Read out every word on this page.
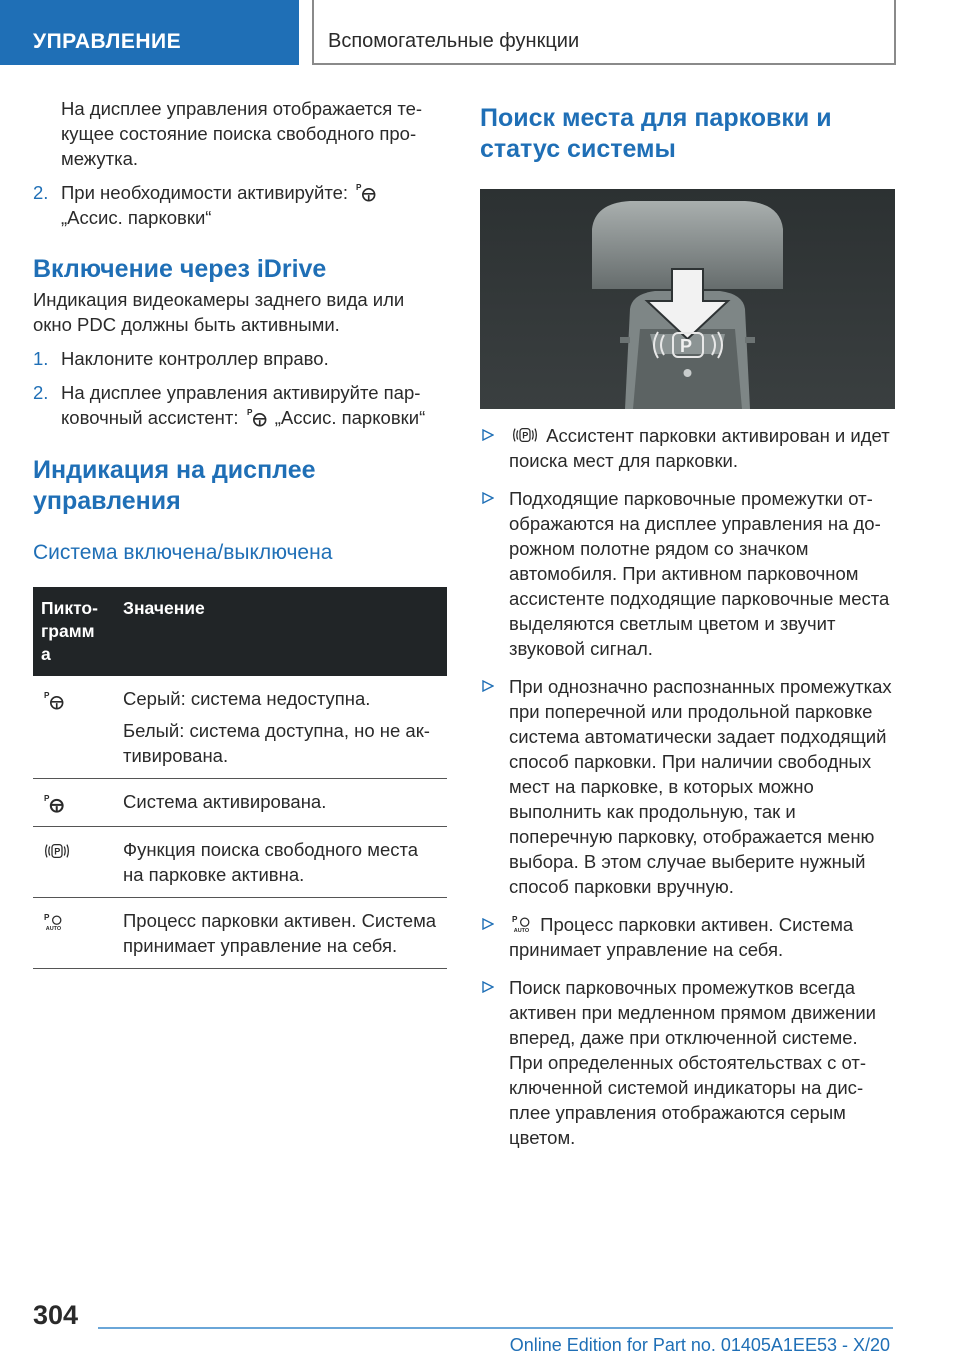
УПРАВЛЕНИЕ	Вспомогательные функции

На дисплее управления отображается текущее состояние поиска свободного промежутка.

2. При необходимости активируйте:
„Ассис. парковки“
Включение через iDrive

Индикация видеокамеры заднего вида или окно PDC должны быть активными.

1. Наклоните контроллер вправо.
2. На дисплее управления активируйте парковочный ассистент: „Ассис. парковки“
Индикация на дисплее управления
Система включена/выключена
Пиктограмм а	Значение

Серый: система недоступна.
Белый: система доступна, но не активирована.

	Система активирована.
	Функция поиска свободного места на парковке активна.
	Процесс парковки активен. Система принимает управление на себя.
Поиск места для парковки и статус системы
P
Ассистент парковки активирован и идет поиска мест для парковки.
Подходящие парковочные промежутки отображаются на дисплее управления на дорожном полотне рядом со значком автомобиля. При активном парковочном ассистенте подходящие парковочные места выделяются светлым цветом и звучит звуковой сигнал.
При однозначно распознанных промежутках при поперечной или продольной парковке система автоматически задает подходящий способ парковки. При наличии свободных мест на парковке, в которых можно выполнить как продольную, так и поперечную парковку, отображается меню выбора. В этом случае выберите нужный способ парковки вручную.
Процесс парковки активен. Система принимает управление на себя.
Поиск парковочных промежутков всегда активен при медленном прямом движении вперед, даже при отключенной системе. При определенных обстоятельствах с отключенной системой индикаторы на дисплее управления отображаются серым цветом.
304
Online Edition for Part no. 01405A1EE53 - X/20
